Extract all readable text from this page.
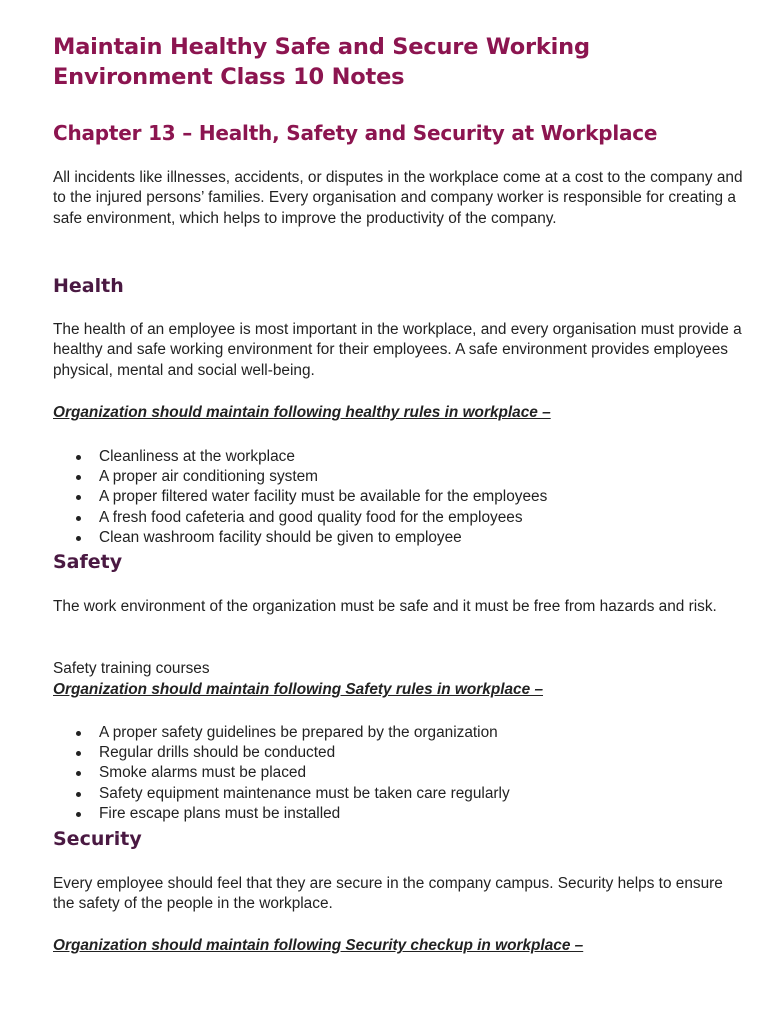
Maintain Healthy Safe and Secure Working Environment Class 10 Notes
Chapter 13 – Health, Safety and Security at Workplace

All incidents like illnesses, accidents, or disputes in the workplace come at a cost to the company and to the injured persons’ families. Every organisation and company worker is responsible for creating a safe environment, which helps to improve the productivity of the company.

Health

The health of an employee is most important in the workplace, and every organisation must provide a healthy and safe working environment for their employees. A safe environment provides employees physical, mental and social well-being.

Organization should maintain following healthy rules in workplace –

Cleanliness at the workplace
A proper air conditioning system
A proper filtered water facility must be available for the employees
A fresh food cafeteria and good quality food for the employees
Clean washroom facility should be given to employee
Safety

The work environment of the organization must be safe and it must be free from hazards and risk.

Safety training courses

Organization should maintain following Safety rules in workplace –

A proper safety guidelines be prepared by the organization
Regular drills should be conducted
Smoke alarms must be placed
Safety equipment maintenance must be taken care regularly
Fire escape plans must be installed
Security

Every employee should feel that they are secure in the company campus. Security helps to ensure the safety of the people in the workplace.

Organization should maintain following Security checkup in workplace –
